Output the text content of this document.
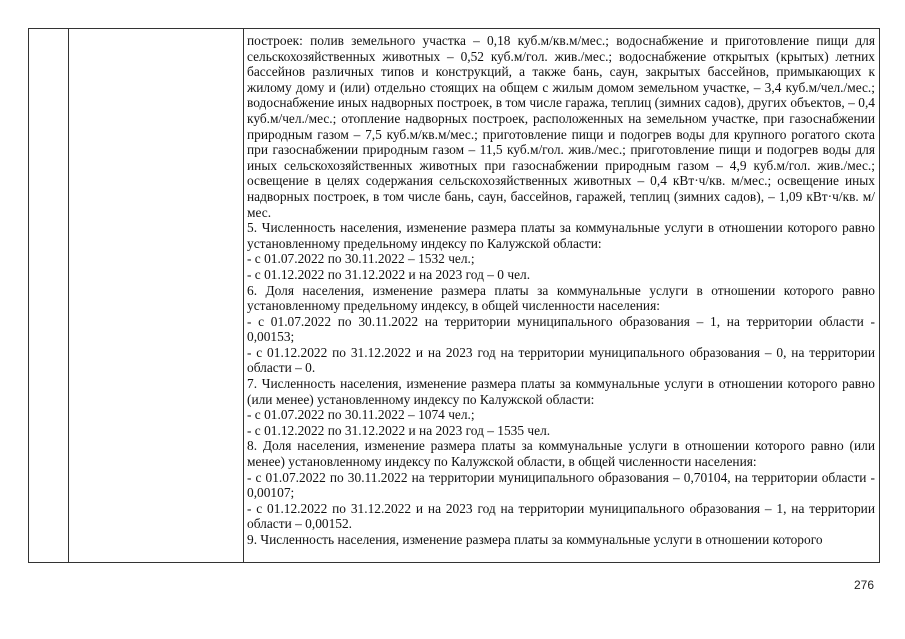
построек: полив земельного участка – 0,18 куб.м/кв.м/мес.; водоснабжение и приготовление пищи для сельскохозяйственных животных – 0,52 куб.м/гол. жив./мес.; водоснабжение открытых (крытых) летних бассейнов различных типов и конструкций, а также бань, саун, закрытых бассейнов, примыкающих к жилому дому и (или) отдельно стоящих на общем с жилым домом земельном участке, – 3,4 куб.м/чел./мес.; водоснабжение иных надворных построек, в том числе гаража, теплиц (зимних садов), других объектов, – 0,4 куб.м/чел./мес.; отопление надворных построек, расположенных на земельном участке, при газоснабжении природным газом – 7,5 куб.м/кв.м/мес.; приготовление пищи и подогрев воды для крупного рогатого скота при газоснабжении природным газом – 11,5 куб.м/гол. жив./мес.; приготовление пищи и подогрев воды для иных сельскохозяйственных животных при газоснабжении природным газом – 4,9 куб.м/гол. жив./мес.; освещение в целях содержания сельскохозяйственных животных – 0,4 кВт·ч/кв. м/мес.; освещение иных надворных построек, в том числе бань, саун, бассейнов, гаражей, теплиц (зимних садов), – 1,09 кВт·ч/кв. м/мес.

5. Численность населения, изменение размера платы за коммунальные услуги в отношении которого равно установленному предельному индексу по Калужской области:

- с 01.07.2022 по 30.11.2022 – 1532 чел.;

- с 01.12.2022 по 31.12.2022 и на 2023 год – 0 чел.

6. Доля населения, изменение размера платы за коммунальные услуги в отношении которого равно установленному предельному индексу, в общей численности населения:

- с 01.07.2022 по 30.11.2022 на территории муниципального образования – 1, на территории области - 0,00153;

- с 01.12.2022 по 31.12.2022 и на 2023 год на территории муниципального образования – 0, на территории области – 0.

7. Численность населения, изменение размера платы за коммунальные услуги в отношении которого равно (или менее) установленному индексу по Калужской области:

- с 01.07.2022 по 30.11.2022 – 1074 чел.;

- с 01.12.2022 по 31.12.2022 и на 2023 год – 1535 чел.

8. Доля населения, изменение размера платы за коммунальные услуги в отношении которого равно (или менее) установленному индексу по Калужской области, в общей численности населения:

- с 01.07.2022 по 30.11.2022 на территории муниципального образования – 0,70104, на территории области - 0,00107;

- с 01.12.2022 по 31.12.2022 и на 2023 год на территории муниципального образования – 1, на территории области – 0,00152.

9. Численность населения, изменение размера платы за коммунальные услуги в отношении которого

276
